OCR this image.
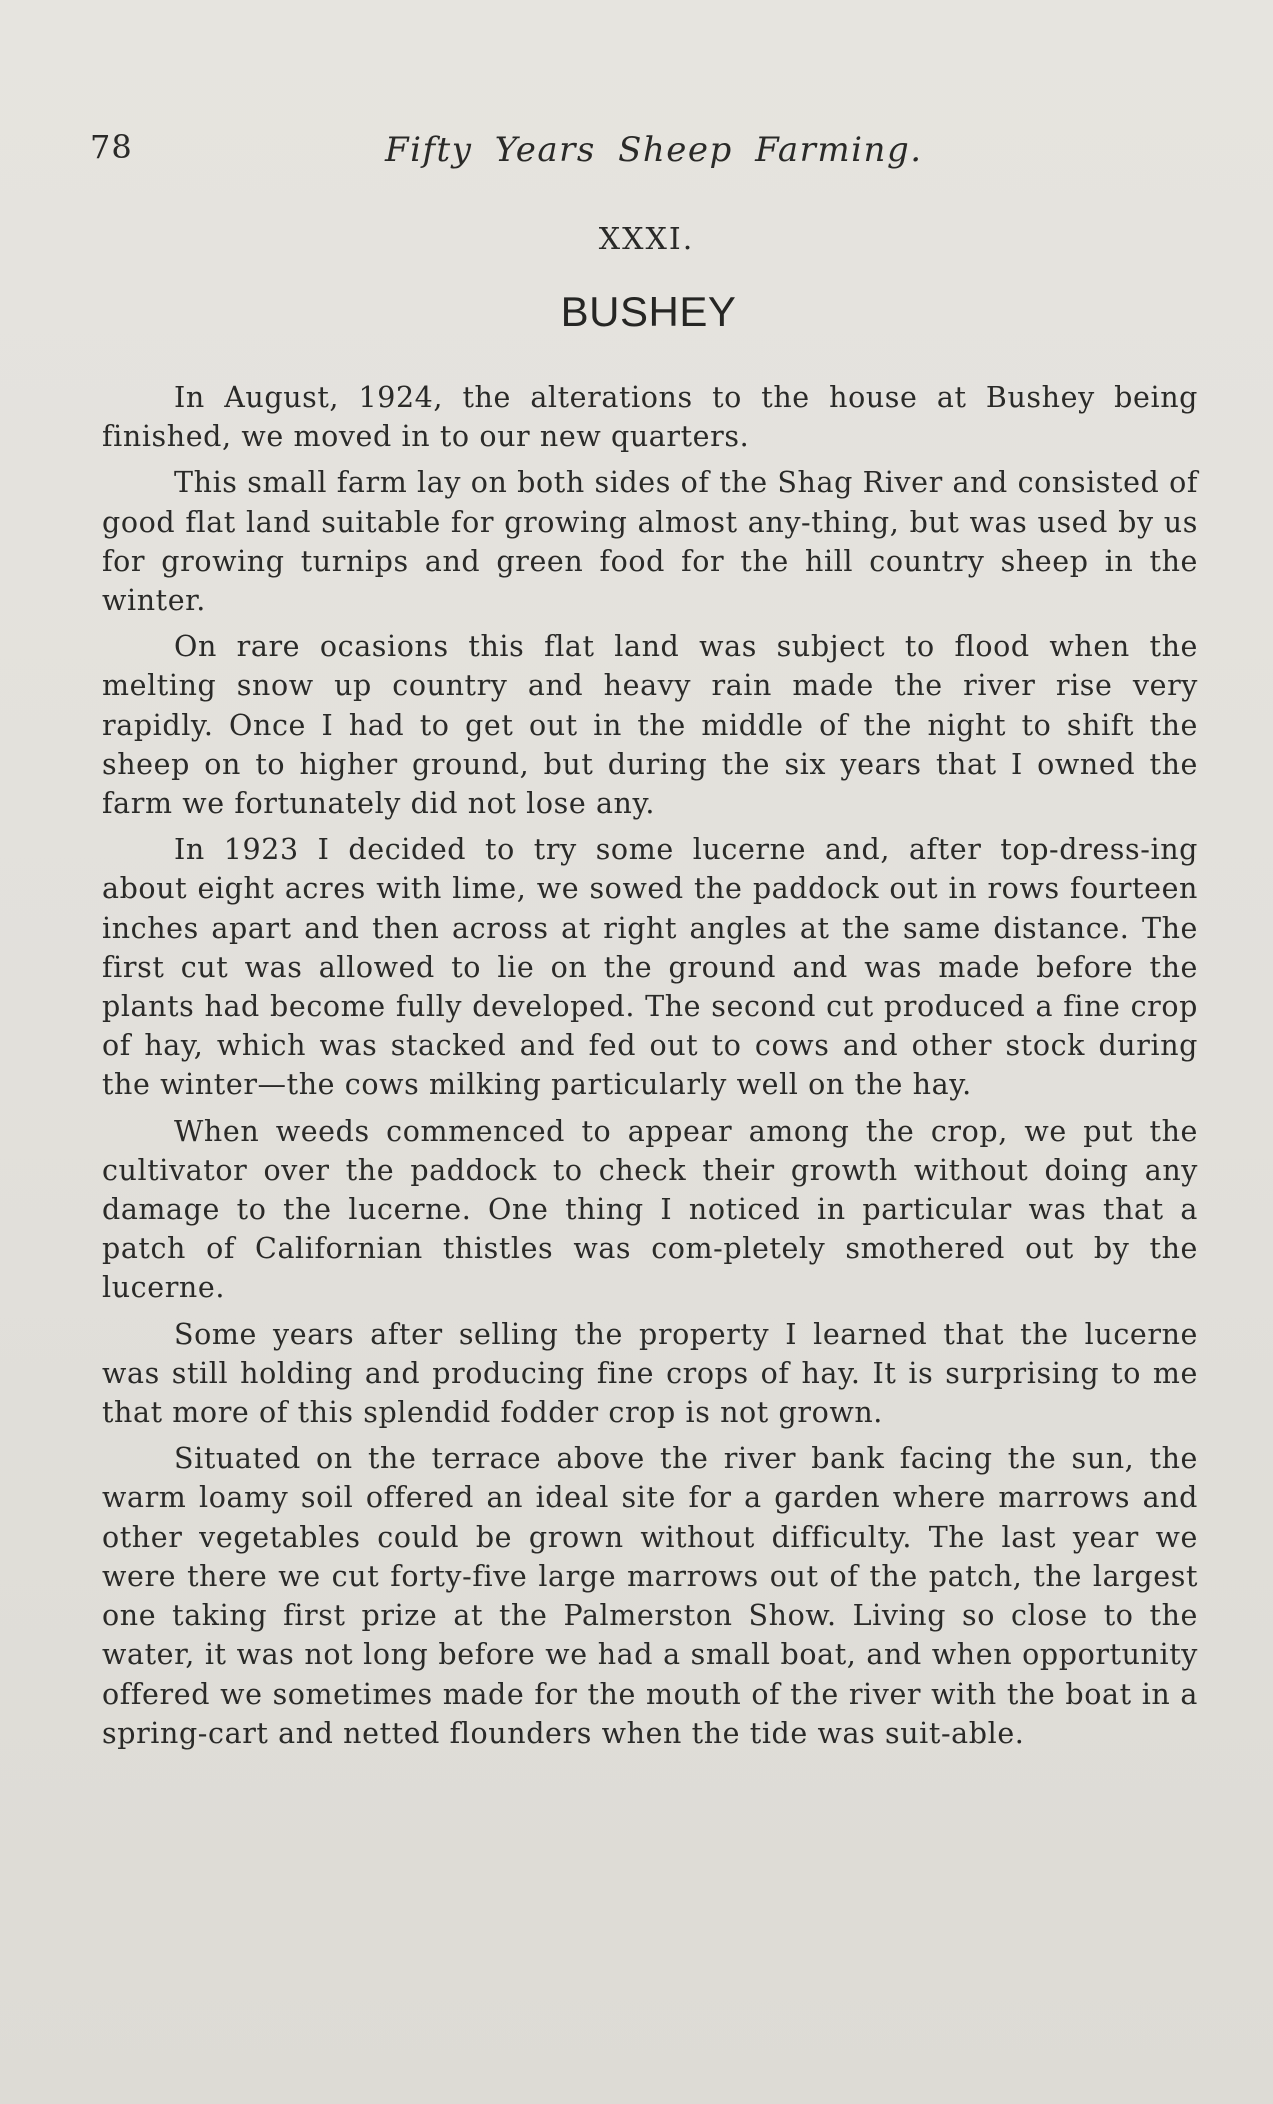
78	Fifty Years Sheep Farming.
XXXI.
BUSHEY

In August, 1924, the alterations to the house at Bushey being finished, we moved in to our new quarters.

This small farm lay on both sides of the Shag River and consisted of good flat land suitable for growing almost any-thing, but was used by us for growing turnips and green food for the hill country sheep in the winter.

On rare ocasions this flat land was subject to flood when the melting snow up country and heavy rain made the river rise very rapidly. Once I had to get out in the middle of the night to shift the sheep on to higher ground, but during the six years that I owned the farm we fortunately did not lose any.

In 1923 I decided to try some lucerne and, after top-dress-ing about eight acres with lime, we sowed the paddock out in rows fourteen inches apart and then across at right angles at the same distance. The first cut was allowed to lie on the ground and was made before the plants had become fully developed. The second cut produced a fine crop of hay, which was stacked and fed out to cows and other stock during the winter—the cows milking particularly well on the hay.

When weeds commenced to appear among the crop, we put the cultivator over the paddock to check their growth without doing any damage to the lucerne. One thing I noticed in particular was that a patch of Californian thistles was com-pletely smothered out by the lucerne.

Some years after selling the property I learned that the lucerne was still holding and producing fine crops of hay. It is surprising to me that more of this splendid fodder crop is not grown.

Situated on the terrace above the river bank facing the sun, the warm loamy soil offered an ideal site for a garden where marrows and other vegetables could be grown without difficulty. The last year we were there we cut forty-five large marrows out of the patch, the largest one taking first prize at the Palmerston Show. Living so close to the water, it was not long before we had a small boat, and when opportunity offered we sometimes made for the mouth of the river with the boat in a spring-cart and netted flounders when the tide was suit-able.
